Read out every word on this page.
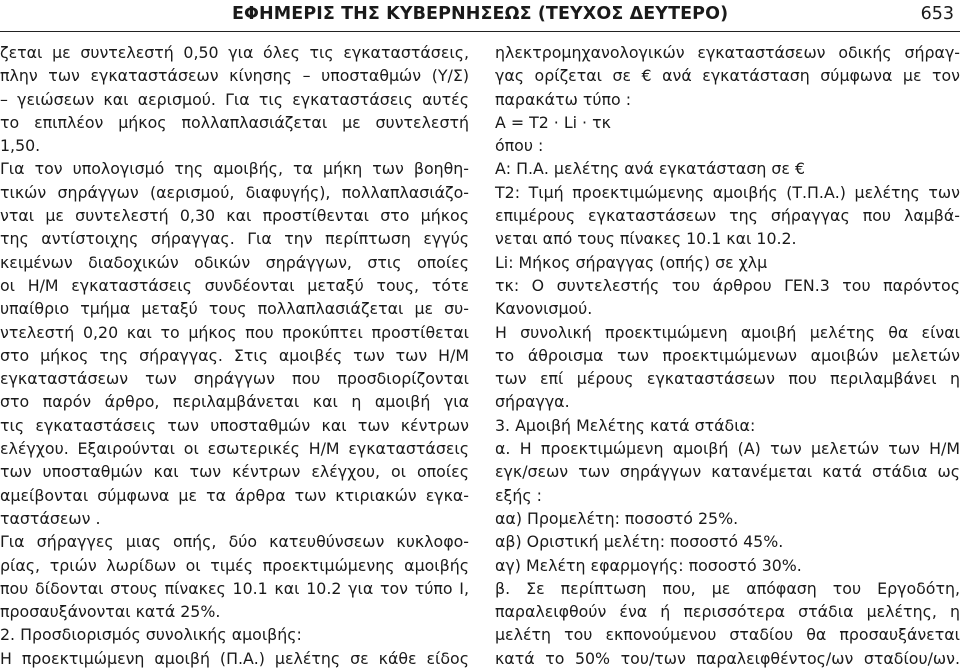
ΕΦΗΜΕΡΙΣ ΤΗΣ ΚΥΒΕΡΝΗΣΕΩΣ (ΤΕΥΧΟΣ ΔΕΥΤΕΡΟ)	653
ζεται με συντελεστή 0,50 για όλες τις εγκαταστάσεις,
πλην των εγκαταστάσεων κίνησης – υποσταθμών (Υ/Σ)
– γειώσεων και αερισμού. Για τις εγκαταστάσεις αυτές
το επιπλέον μήκος πολλαπλασιάζεται με συντελεστή
1,50.
Για τον υπολογισμό της αμοιβής, τα μήκη των βοηθη-
τικών σηράγγων (αερισμού, διαφυγής), πολλαπλασιάζο-
νται με συντελεστή 0,30 και προστίθενται στο μήκος
της αντίστοιχης σήραγγας. Για την περίπτωση εγγύς
κειμένων διαδοχικών οδικών σηράγγων, στις οποίες
οι Η/Μ εγκαταστάσεις συνδέονται μεταξύ τους, τότε
υπαίθριο τμήμα μεταξύ τους πολλαπλασιάζεται με συ-
ντελεστή 0,20 και το μήκος που προκύπτει προστίθεται
στο μήκος της σήραγγας. Στις αμοιβές των των Η/Μ
εγκαταστάσεων των σηράγγων που προσδιορίζονται
στο παρόν άρθρο, περιλαμβάνεται και η αμοιβή για
τις εγκαταστάσεις των υποσταθμών και των κέντρων
ελέγχου. Εξαιρούνται οι εσωτερικές Η/Μ εγκαταστάσεις
των υποσταθμών και των κέντρων ελέγχου, οι οποίες
αμείβονται σύμφωνα με τα άρθρα των κτιριακών εγκα-
ταστάσεων .
Για σήραγγες μιας οπής, δύο κατευθύνσεων κυκλοφο-
ρίας, τριών λωρίδων οι τιμές προεκτιμώμενης αμοιβής
που δίδονται στους πίνακες 10.1 και 10.2 για τον τύπο Ι,
προσαυξάνονται κατά 25%.
2. Προσδιορισμός συνολικής αμοιβής:
Η προεκτιμώμενη αμοιβή (Π.Α.) μελέτης σε κάθε είδος
ηλεκτρομηχανολογικών εγκαταστάσεων οδικής σήραγ-
γας ορίζεται σε € ανά εγκατάσταση σύμφωνα με τον
παρακάτω τύπο :
Α = Τ2 · Li · τκ
όπου :
Α: Π.Α. μελέτης ανά εγκατάσταση σε €
Τ2: Τιμή προεκτιμώμενης αμοιβής (Τ.Π.Α.) μελέτης των
επιμέρους εγκαταστάσεων της σήραγγας που λαμβά-
νεται από τους πίνακες 10.1 και 10.2.
Li: Μήκος σήραγγας (οπής) σε χλμ
τκ: Ο συντελεστής του άρθρου ΓΕΝ.3 του παρόντος
Κανονισμού.
Η συνολική προεκτιμώμενη αμοιβή μελέτης θα είναι
το άθροισμα των προεκτιμώμενων αμοιβών μελετών
των επί μέρους εγκαταστάσεων που περιλαμβάνει η
σήραγγα.
3. Αμοιβή Μελέτης κατά στάδια:
α. Η προεκτιμώμενη αμοιβή (Α) των μελετών των Η/Μ
εγκ/σεων των σηράγγων κατανέμεται κατά στάδια ως
εξής :
αα) Προμελέτη: ποσοστό 25%.
αβ) Οριστική μελέτη: ποσοστό 45%.
αγ) Μελέτη εφαρμογής: ποσοστό 30%.
β. Σε περίπτωση που, με απόφαση του Εργοδότη,
παραλειφθούν ένα ή περισσότερα στάδια μελέτης, η
μελέτη του εκπονούμενου σταδίου θα προσαυξάνεται
κατά το 50% του/των παραλειφθέντος/ων σταδίου/ων.
